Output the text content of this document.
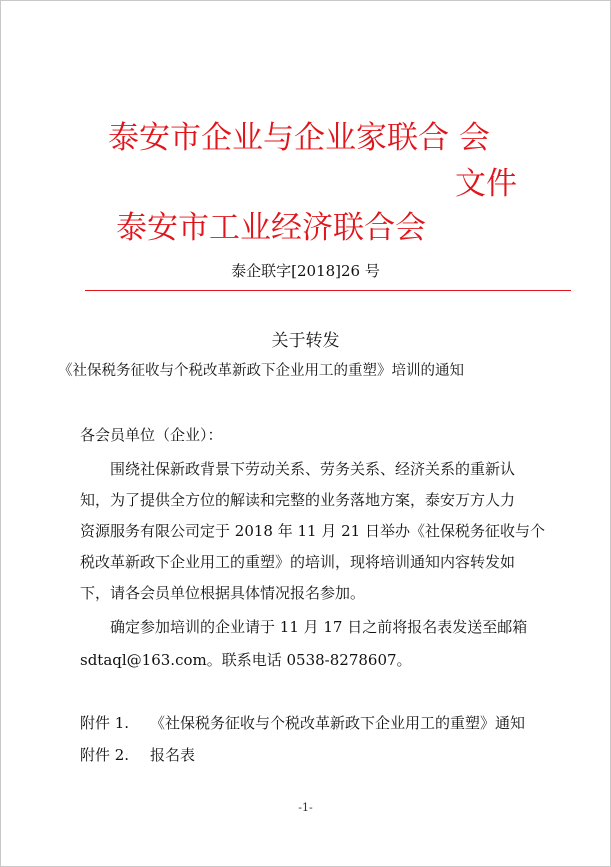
泰安市企业与企业家联合 会
文件
泰安市工业经济联合会
泰企联字[2018]26 号
关于转发
《社保税务征收与个税改革新政下企业用工的重塑》培训的通知
各会员单位（企业）：
围绕社保新政背景下劳动关系、劳务关系、经济关系的重新认
知，为了提供全方位的解读和完整的业务落地方案，泰安万方人力
资源服务有限公司定于 2018 年 11 月 21 日举办《社保税务征收与个
税改革新政下企业用工的重塑》的培训，现将培训通知内容转发如
下，请各会员单位根据具体情况报名参加。
确定参加培训的企业请于 11 月 17 日之前将报名表发送至邮箱
sdtaql@163.com。联系电话 0538-8278607。
附件 1. 《社保税务征收与个税改革新政下企业用工的重塑》通知
附件 2. 报名表
-1-
